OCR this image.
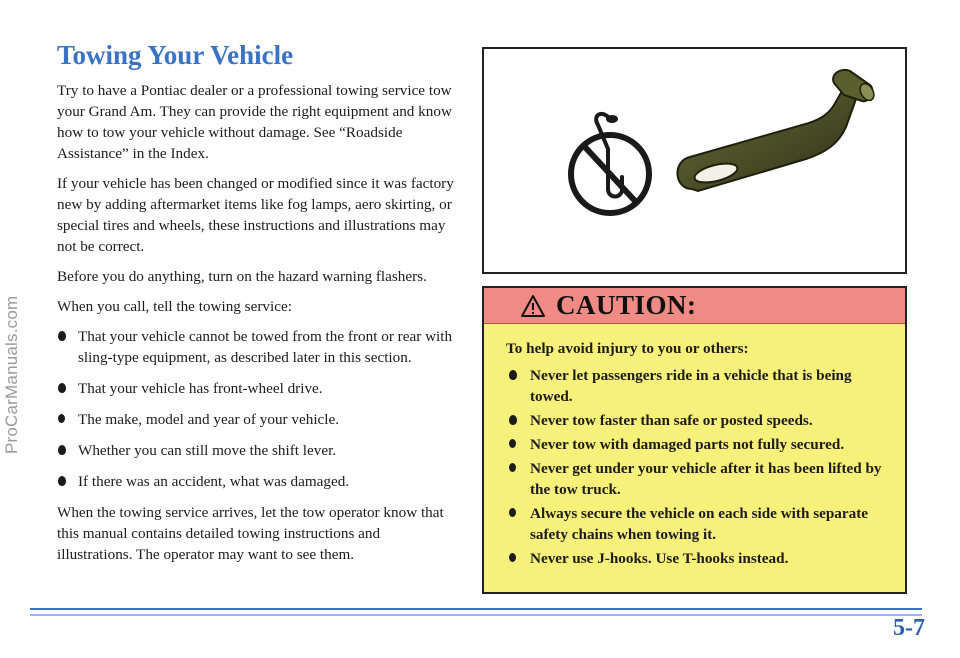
ProCarManuals.com
Towing Your Vehicle

Try to have a Pontiac dealer or a professional towing service tow your Grand Am. They can provide the right equipment and know how to tow your vehicle without damage. See “Roadside Assistance” in the Index.

If your vehicle has been changed or modified since it was factory new by adding aftermarket items like fog lamps, aero skirting, or special tires and wheels, these instructions and illustrations may not be correct.

Before you do anything, turn on the hazard warning flashers.

When you call, tell the towing service:

That your vehicle cannot be towed from the front or rear with sling-type equipment, as described later in this section.
That your vehicle has front-wheel drive.
The make, model and year of your vehicle.
Whether you can still move the shift lever.
If there was an accident, what was damaged.

When the towing service arrives, let the tow operator know that this manual contains detailed towing instructions and illustrations. The operator may want to see them.

CAUTION:

To help avoid injury to you or others:

Never let passengers ride in a vehicle that is being towed.
Never tow faster than safe or posted speeds.
Never tow with damaged parts not fully secured.
Never get under your vehicle after it has been lifted by the tow truck.
Always secure the vehicle on each side with separate safety chains when towing it.
Never use J-hooks. Use T-hooks instead.
5-7
